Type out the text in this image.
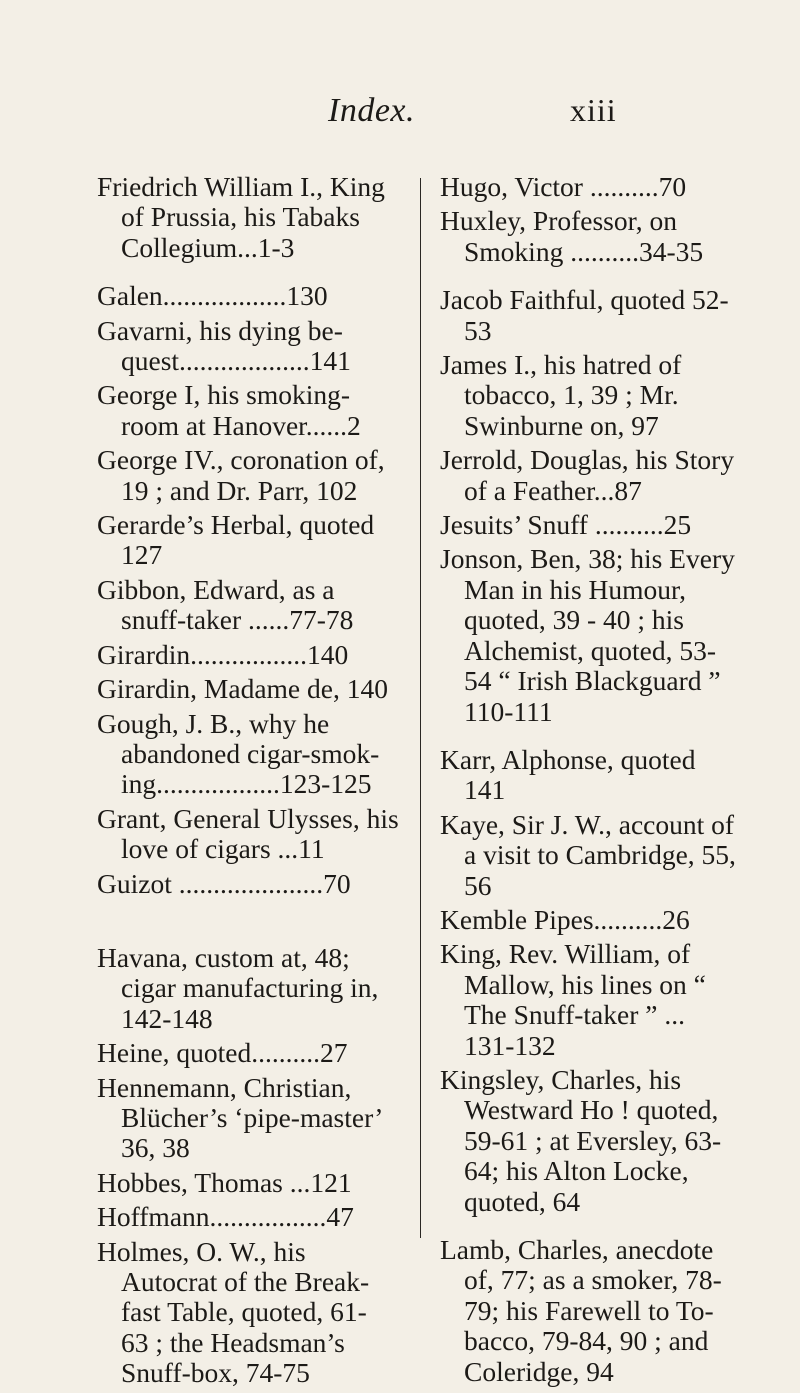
Index.	xiii
Friedrich William I., King of Prussia, his Tabaks Collegium...1-3
Galen..................130
Gavarni, his dying be- quest...................141
George I, his smoking- room at Hanover......2
George IV., coronation of, 19 ; and Dr. Parr, 102
Gerarde’s Herbal, quoted 127
Gibbon, Edward, as a snuff-taker ......77-78
Girardin.................140
Girardin, Madame de, 140
Gough, J. B., why he abandoned cigar-smok- ing..................123-125
Grant, General Ulysses, his love of cigars ...11
Guizot .....................70
Havana, custom at, 48; cigar manufacturing in, 142-148
Heine, quoted..........27
Hennemann, Christian, Blücher’s ‘pipe-master’ 36, 38
Hobbes, Thomas ...121
Hoffmann.................47
Holmes, O. W., his Autocrat of the Break- fast Table, quoted, 61- 63 ; the Headsman’s Snuff-box, 74-75
Hugo, Victor ..........70
Huxley, Professor, on Smoking ..........34-35
Jacob Faithful, quoted 52-53
James I., his hatred of tobacco, 1, 39 ; Mr. Swinburne on, 97
Jerrold, Douglas, his Story of a Feather...87
Jesuits’ Snuff ..........25
Jonson, Ben, 38; his Every Man in his Humour, quoted, 39 - 40 ; his Alchemist, quoted, 53-54 “ Irish Blackguard ” 110-111
Karr, Alphonse, quoted 141
Kaye, Sir J. W., account of a visit to Cambridge, 55, 56
Kemble Pipes..........26
King, Rev. William, of Mallow, his lines on “ The Snuff-taker ” ... 131-132
Kingsley, Charles, his Westward Ho ! quoted, 59-61 ; at Eversley, 63-64; his Alton Locke, quoted, 64
Lamb, Charles, anecdote of, 77; as a smoker, 78- 79; his Farewell to To- bacco, 79-84, 90 ; and Coleridge, 94
